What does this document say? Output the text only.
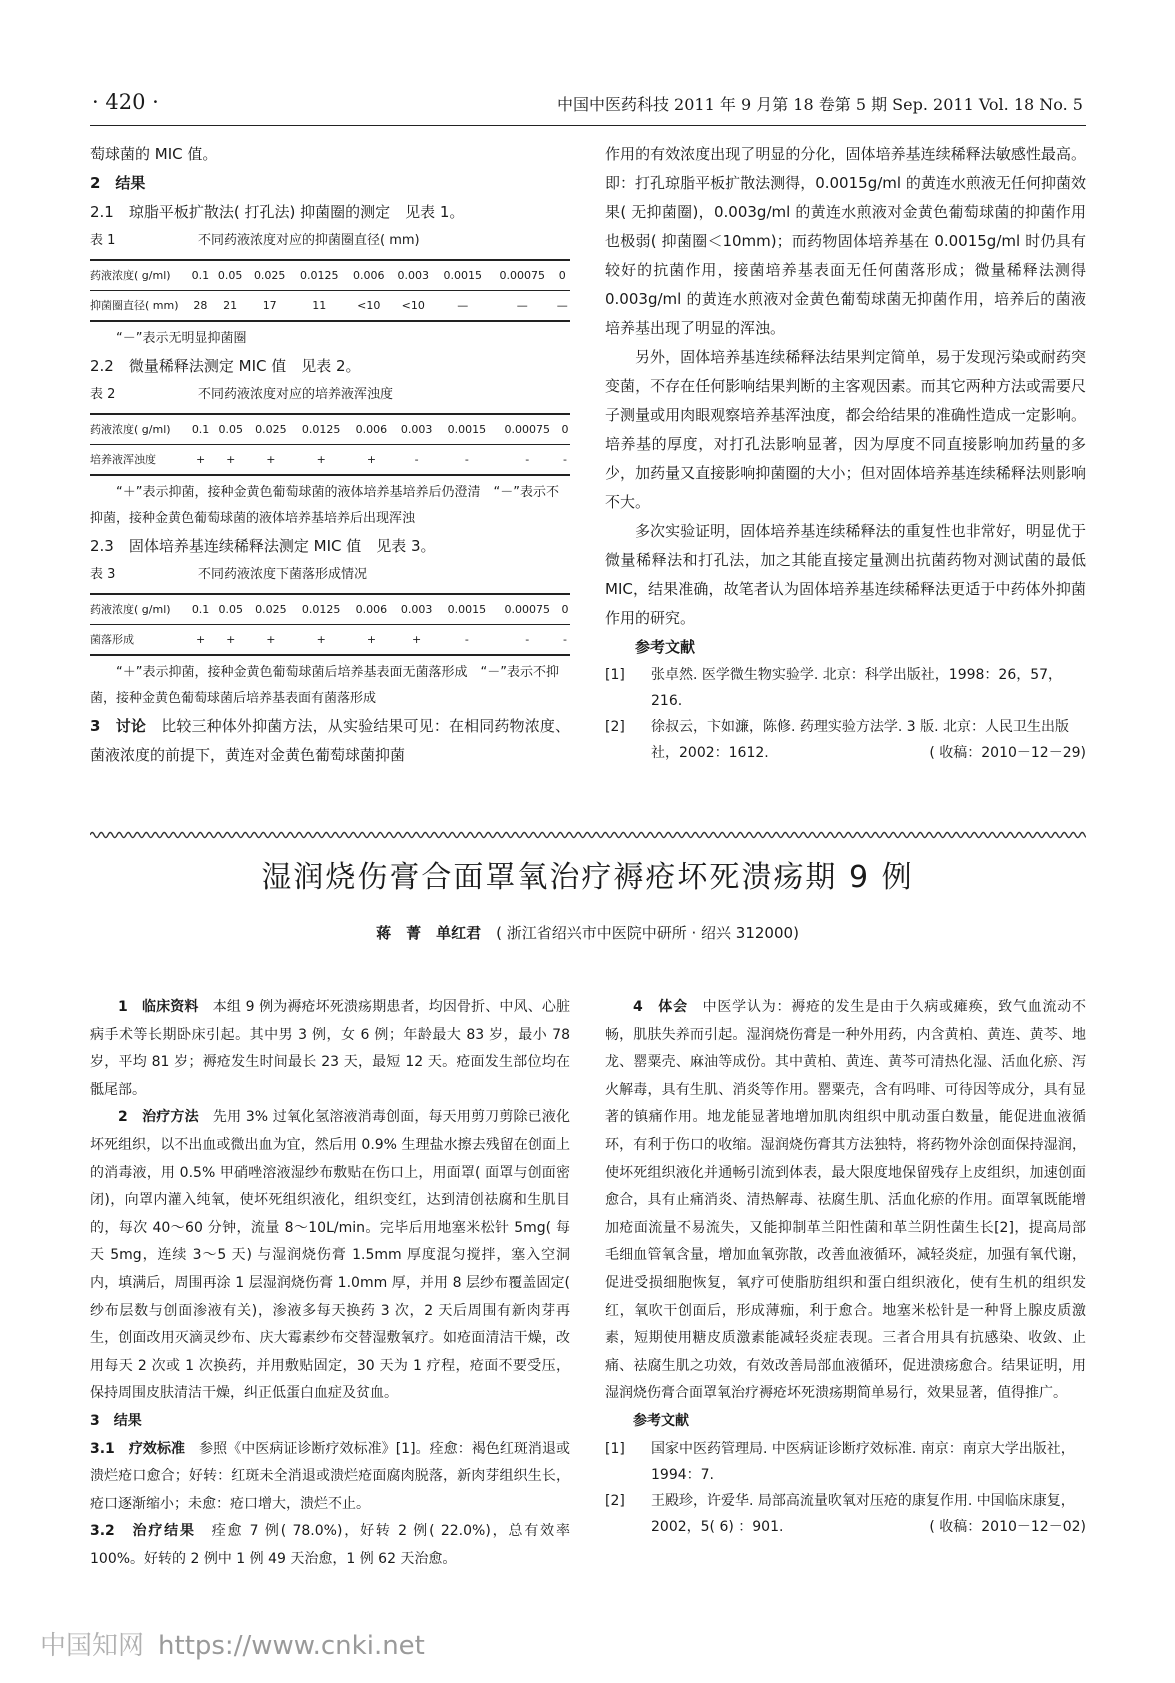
· 420 ·	中国中医药科技 2011 年 9 月第 18 卷第 5 期 Sep. 2011 Vol. 18 No. 5

萄球菌的 MIC 值。

2　结果

2.1　琼脂平板扩散法( 打孔法) 抑菌圈的测定　见表 1。

表 1	不同药液浓度对应的抑菌圈直径( mm)
药液浓度( g/ml)	0.1	0.05	0.025	0.0125	0.006	0.003	0.0015	0.00075	0
抑菌圈直径( mm)	28	21	17	11	<10	<10	—	—	—

“－”表示无明显抑菌圈

2.2　微量稀释法测定 MIC 值　见表 2。

表 2	不同药液浓度对应的培养液浑浊度
药液浓度( g/ml)	0.1	0.05	0.025	0.0125	0.006	0.003	0.0015	0.00075	0
培养液浑浊度	+	+	+	+	+	-	-	-	-

“＋”表示抑菌，接种金黄色葡萄球菌的液体培养基培养后仍澄清　“－”表示不抑菌，接种金黄色葡萄球菌的液体培养基培养后出现浑浊

2.3　固体培养基连续稀释法测定 MIC 值　见表 3。

表 3	不同药液浓度下菌落形成情况
药液浓度( g/ml)	0.1	0.05	0.025	0.0125	0.006	0.003	0.0015	0.00075	0
菌落形成	+	+	+	+	+	+	-	-	-

“＋”表示抑菌，接种金黄色葡萄球菌后培养基表面无菌落形成　“－”表示不抑菌，接种金黄色葡萄球菌后培养基表面有菌落形成

3　讨论　 比较三种体外抑菌方法，从实验结果可见：在相同药物浓度、菌液浓度的前提下，黄连对金黄色葡萄球菌抑菌

作用的有效浓度出现了明显的分化，固体培养基连续稀释法敏感性最高。即：打孔琼脂平板扩散法测得，0.0015g/ml 的黄连水煎液无任何抑菌效果( 无抑菌圈)，0.003g/ml 的黄连水煎液对金黄色葡萄球菌的抑菌作用也极弱( 抑菌圈＜10mm)；而药物固体培养基在 0.0015g/ml 时仍具有较好的抗菌作用，接菌培养基表面无任何菌落形成；微量稀释法测得 0.003g/ml 的黄连水煎液对金黄色葡萄球菌无抑菌作用，培养后的菌液培养基出现了明显的浑浊。

另外，固体培养基连续稀释法结果判定简单，易于发现污染或耐药突变菌，不存在任何影响结果判断的主客观因素。而其它两种方法或需要尺子测量或用肉眼观察培养基浑浊度，都会给结果的准确性造成一定影响。培养基的厚度，对打孔法影响显著，因为厚度不同直接影响加药量的多少，加药量又直接影响抑菌圈的大小；但对固体培养基连续稀释法则影响不大。

多次实验证明，固体培养基连续稀释法的重复性也非常好，明显优于微量稀释法和打孔法，加之其能直接定量测出抗菌药物对测试菌的最低 MIC，结果准确，故笔者认为固体培养基连续稀释法更适于中药体外抑菌作用的研究。

参考文献

[1]	张卓然. 医学微生物实验学. 北京：科学出版社，1998：26，57，216.
[2]	徐叔云，卞如濂，陈修. 药理实验方法学. 3 版. 北京：人民卫生出版社，2002：1612.	( 收稿：2010－12－29)
湿润烧伤膏合面罩氧治疗褥疮坏死溃疡期 9 例
蒋　菁　单红君　 ( 浙江省绍兴市中医院中研所 · 绍兴 312000)

1　临床资料　 本组 9 例为褥疮坏死溃疡期患者，均因骨折、中风、心脏病手术等长期卧床引起。其中男 3 例，女 6 例；年龄最大 83 岁，最小 78 岁，平均 81 岁；褥疮发生时间最长 23 天，最短 12 天。疮面发生部位均在骶尾部。

2　治疗方法　 先用 3% 过氧化氢溶液消毒创面，每天用剪刀剪除已液化坏死组织，以不出血或微出血为宜，然后用 0.9% 生理盐水擦去残留在创面上的消毒液，用 0.5% 甲硝唑溶液湿纱布敷贴在伤口上，用面罩( 面罩与创面密闭)，向罩内灌入纯氧，使坏死组织液化，组织变红，达到清创祛腐和生肌目的，每次 40～60 分钟，流量 8～10L/min。完毕后用地塞米松针 5mg( 每天 5mg，连续 3～5 天) 与湿润烧伤膏 1.5mm 厚度混匀搅拌，塞入空洞内，填满后，周围再涂 1 层湿润烧伤膏 1.0mm 厚，并用 8 层纱布覆盖固定( 纱布层数与创面渗液有关)，渗液多每天换药 3 次，2 天后周围有新肉芽再生，创面改用灭滴灵纱布、庆大霉素纱布交替湿敷氧疗。如疮面清洁干燥，改用每天 2 次或 1 次换药，并用敷贴固定，30 天为 1 疗程，疮面不要受压，保持周围皮肤清洁干燥，纠正低蛋白血症及贫血。

3　结果

3.1　疗效标准　 参照《中医病证诊断疗效标准》[1]。痊愈：褐色红斑消退或溃烂疮口愈合；好转：红斑未全消退或溃烂疮面腐肉脱落，新肉芽组织生长，疮口逐渐缩小；未愈：疮口增大，溃烂不止。

3.2　治疗结果　 痊愈 7 例( 78.0%)，好转 2 例( 22.0%)，总有效率 100%。好转的 2 例中 1 例 49 天治愈，1 例 62 天治愈。

4　体会　 中医学认为：褥疮的发生是由于久病或瘫痪，致气血流动不畅，肌肤失养而引起。湿润烧伤膏是一种外用药，内含黄柏、黄连、黄芩、地龙、罂粟壳、麻油等成份。其中黄柏、黄连、黄芩可清热化湿、活血化瘀、泻火解毒，具有生肌、消炎等作用。罂粟壳，含有吗啡、可待因等成分，具有显著的镇痛作用。地龙能显著地增加肌肉组织中肌动蛋白数量，能促进血液循环，有利于伤口的收缩。湿润烧伤膏其方法独特，将药物外涂创面保持湿润，使坏死组织液化并通畅引流到体表，最大限度地保留残存上皮组织，加速创面愈合，具有止痛消炎、清热解毒、祛腐生肌、活血化瘀的作用。面罩氧既能增加疮面流量不易流失，又能抑制革兰阳性菌和革兰阴性菌生长[2]，提高局部毛细血管氧含量，增加血氧弥散，改善血液循环，减轻炎症，加强有氧代谢，促进受损细胞恢复，氧疗可使脂肪组织和蛋白组织液化，使有生机的组织发红，氧吹干创面后，形成薄痂，利于愈合。地塞米松针是一种肾上腺皮质激素，短期使用糖皮质激素能减轻炎症表现。三者合用具有抗感染、收敛、止痛、祛腐生肌之功效，有效改善局部血液循环，促进溃疡愈合。结果证明，用湿润烧伤膏合面罩氧治疗褥疮坏死溃疡期简单易行，效果显著，值得推广。

参考文献

[1]	国家中医药管理局. 中医病证诊断疗效标准. 南京：南京大学出版社，1994：7.
[2]	王殿珍，许爱华. 局部高流量吹氧对压疮的康复作用. 中国临床康复，2002，5( 6) ：901.	( 收稿：2010－12－02)
中国知网 https://www.cnki.net
